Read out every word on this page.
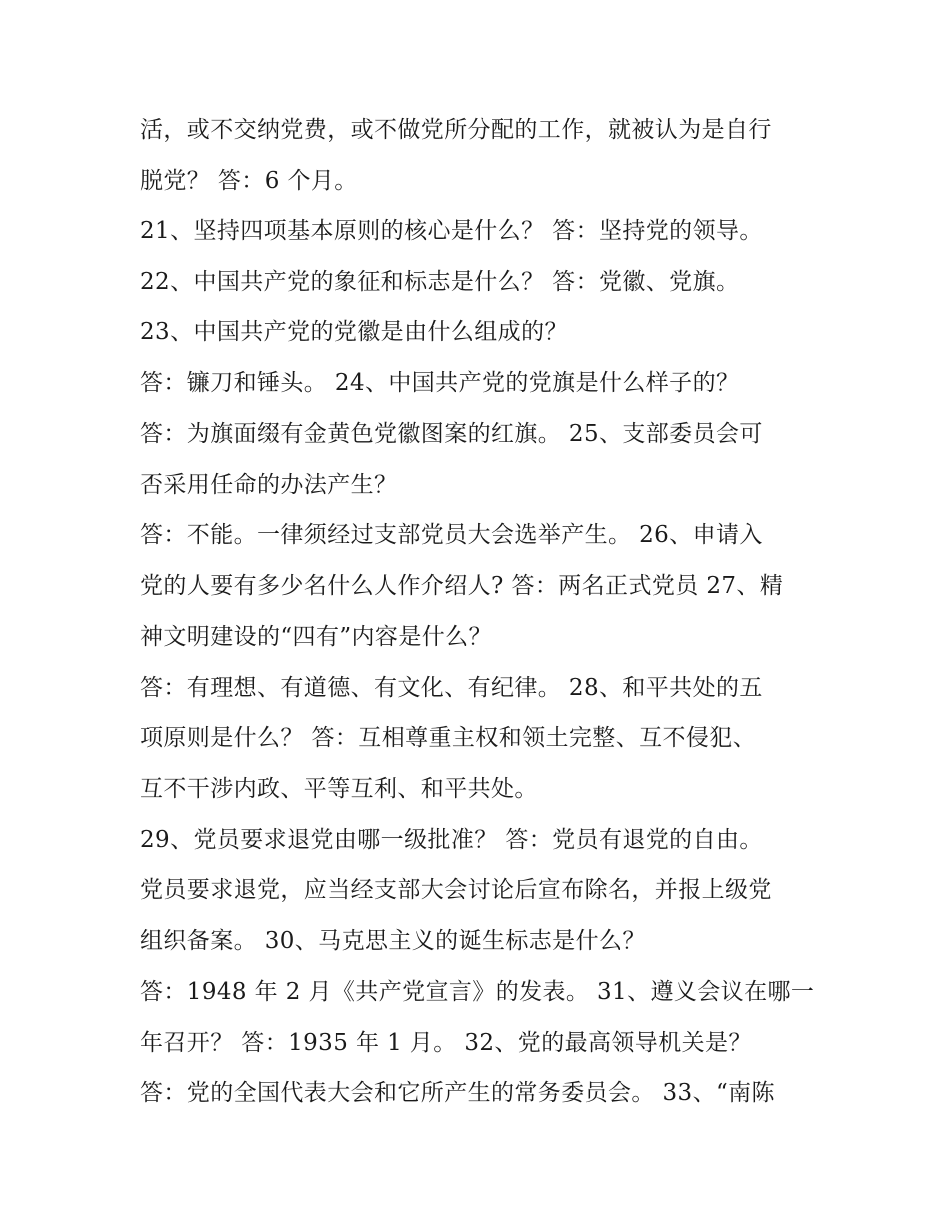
活，或不交纳党费，或不做党所分配的工作，就被认为是自行
脱党？ 答：6 个月。
21、坚持四项基本原则的核心是什么？ 答：坚持党的领导。
22、中国共产党的象征和标志是什么？ 答：党徽、党旗。
23、中国共产党的党徽是由什么组成的？
答：镰刀和锤头。 24、中国共产党的党旗是什么样子的？
答：为旗面缀有金黄色党徽图案的红旗。 25、支部委员会可
否采用任命的办法产生？
答：不能。一律须经过支部党员大会选举产生。 26、申请入
党的人要有多少名什么人作介绍人? 答：两名正式党员 27、精
神文明建设的“四有”内容是什么？
答：有理想、有道德、有文化、有纪律。 28、和平共处的五
项原则是什么？ 答：互相尊重主权和领土完整、互不侵犯、
互不干涉内政、平等互利、和平共处。
29、党员要求退党由哪一级批准？ 答：党员有退党的自由。
党员要求退党，应当经支部大会讨论后宣布除名，并报上级党
组织备案。 30、马克思主义的诞生标志是什么？
答：1948 年 2 月《共产党宣言》的发表。 31、遵义会议在哪一
年召开？ 答：1935 年 1 月。 32、党的最高领导机关是？
答：党的全国代表大会和它所产生的常务委员会。 33、“南陈
